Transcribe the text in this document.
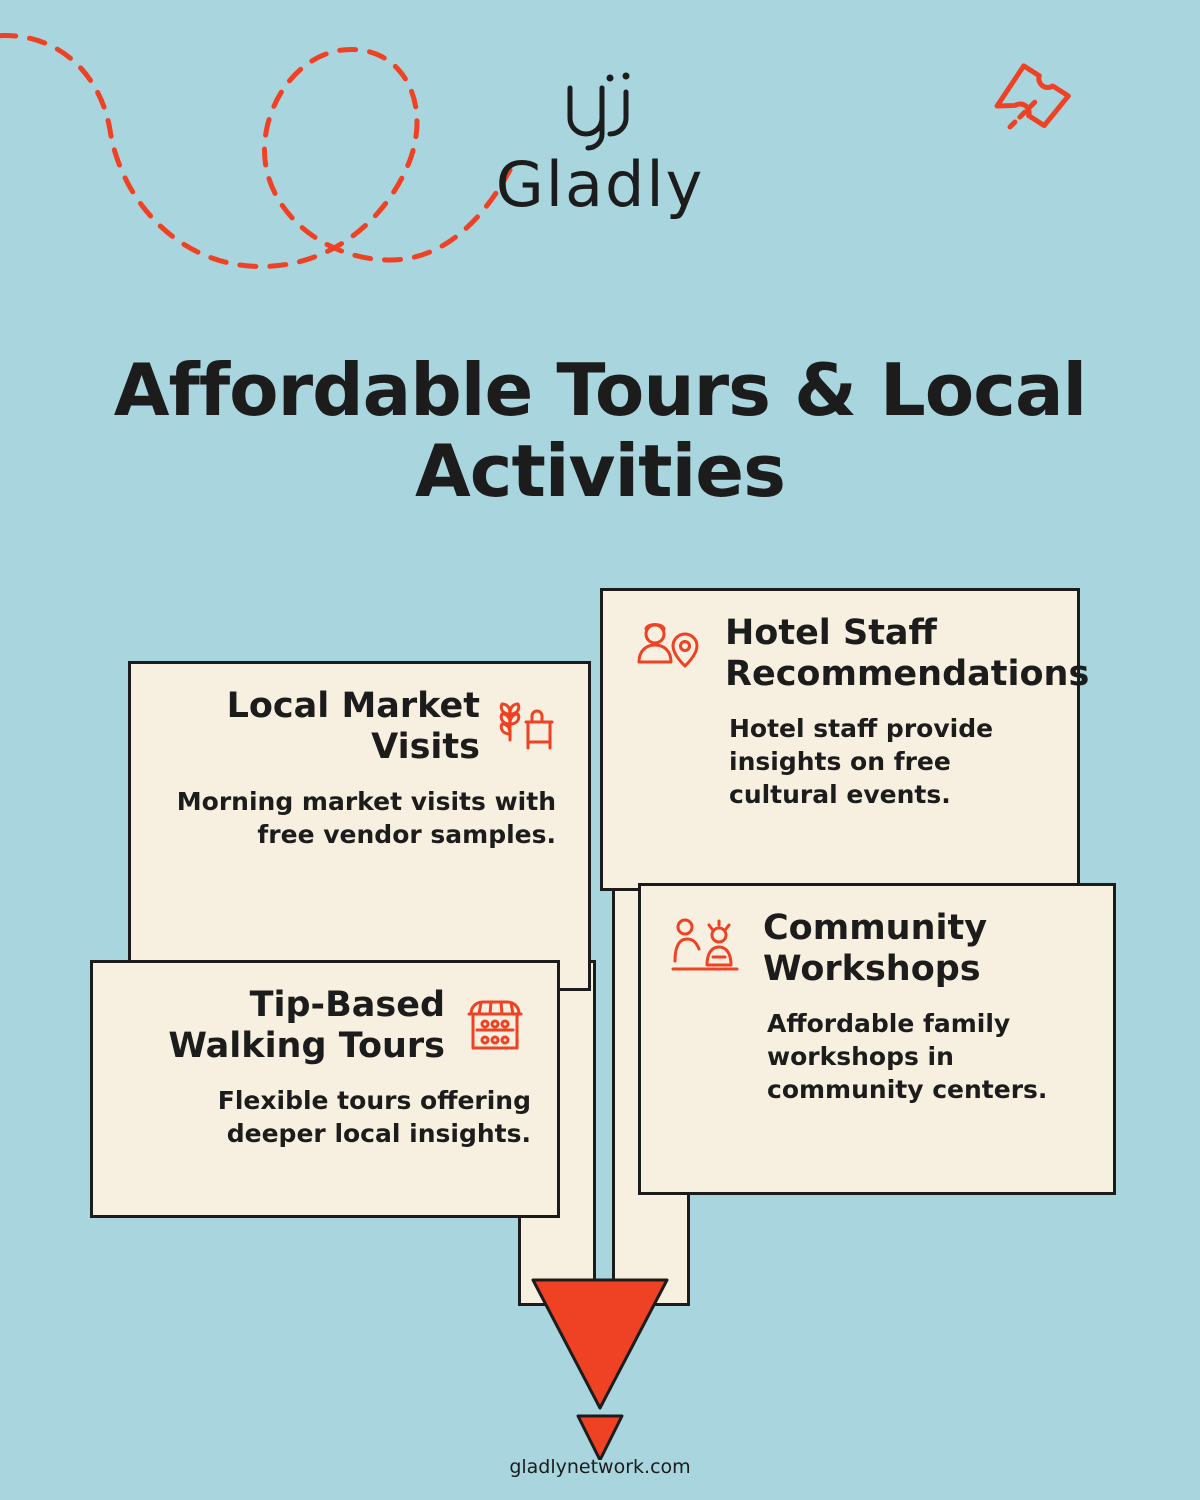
Gladly
Affordable Tours & Local Activities
Local Market Visits
Morning market visits with free vendor samples.
Tip-Based Walking Tours
Flexible tours offering deeper local insights.
Hotel Staff Recommendations
Hotel staff provide insights on free cultural events.
Community Workshops
Affordable family workshops in community centers.
gladlynetwork.com
